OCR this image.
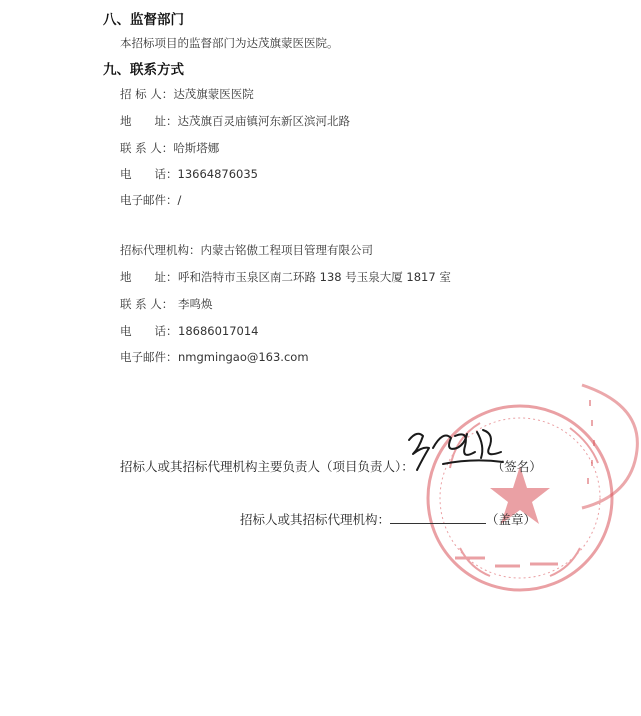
八、监督部门
本招标项目的监督部门为达茂旗蒙医医院。
九、联系方式
招 标 人：达茂旗蒙医医院
地　　址：达茂旗百灵庙镇河东新区滨河北路
联 系 人：哈斯塔娜
电　　话：13664876035
电子邮件：/
招标代理机构：内蒙古铭傲工程项目管理有限公司
地　　址：呼和浩特市玉泉区南二环路 138 号玉泉大厦 1817 室
联 系 人： 李鸣焕
电　　话：18686017014
电子邮件：nmgmingao@163.com
招标人或其招标代理机构主要负责人（项目负责人）：	（签名）
招标人或其招标代理机构：	（盖章）
